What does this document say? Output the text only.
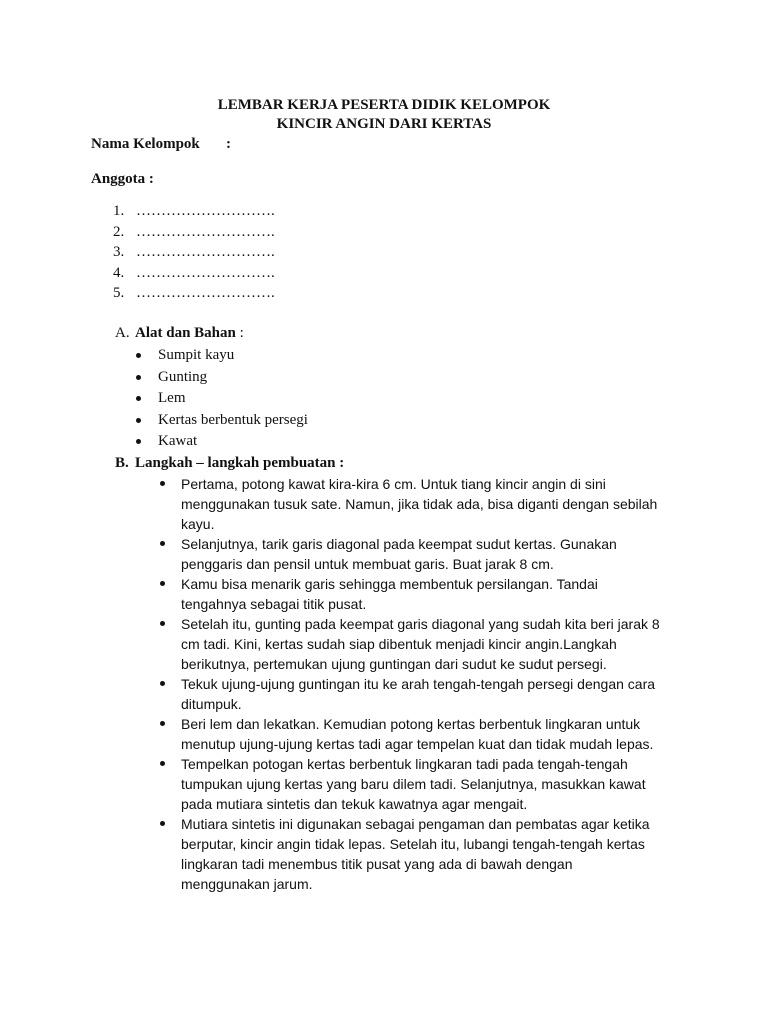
LEMBAR KERJA PESERTA DIDIK KELOMPOK
KINCIR ANGIN DARI KERTAS
Nama Kelompok :
Anggota :
1. ……………………….
2. ……………………….
3. ……………………….
4. ……………………….
5. ……………………….
A. Alat dan Bahan :
Sumpit kayu
Gunting
Lem
Kertas berbentuk persegi
Kawat
B. Langkah – langkah pembuatan :
Pertama, potong kawat kira-kira 6 cm. Untuk tiang kincir angin di sini
menggunakan tusuk sate. Namun, jika tidak ada, bisa diganti dengan sebilah
kayu.
Selanjutnya, tarik garis diagonal pada keempat sudut kertas. Gunakan
penggaris dan pensil untuk membuat garis. Buat jarak 8 cm.
Kamu bisa menarik garis sehingga membentuk persilangan. Tandai
tengahnya sebagai titik pusat.
Setelah itu, gunting pada keempat garis diagonal yang sudah kita beri jarak 8
cm tadi. Kini, kertas sudah siap dibentuk menjadi kincir angin.Langkah
berikutnya, pertemukan ujung guntingan dari sudut ke sudut persegi.
Tekuk ujung-ujung guntingan itu ke arah tengah-tengah persegi dengan cara
ditumpuk.
Beri lem dan lekatkan. Kemudian potong kertas berbentuk lingkaran untuk
menutup ujung-ujung kertas tadi agar tempelan kuat dan tidak mudah lepas.
Tempelkan potogan kertas berbentuk lingkaran tadi pada tengah-tengah
tumpukan ujung kertas yang baru dilem tadi. Selanjutnya, masukkan kawat
pada mutiara sintetis dan tekuk kawatnya agar mengait.
Mutiara sintetis ini digunakan sebagai pengaman dan pembatas agar ketika
berputar, kincir angin tidak lepas. Setelah itu, lubangi tengah-tengah kertas
lingkaran tadi menembus titik pusat yang ada di bawah dengan
menggunakan jarum.
